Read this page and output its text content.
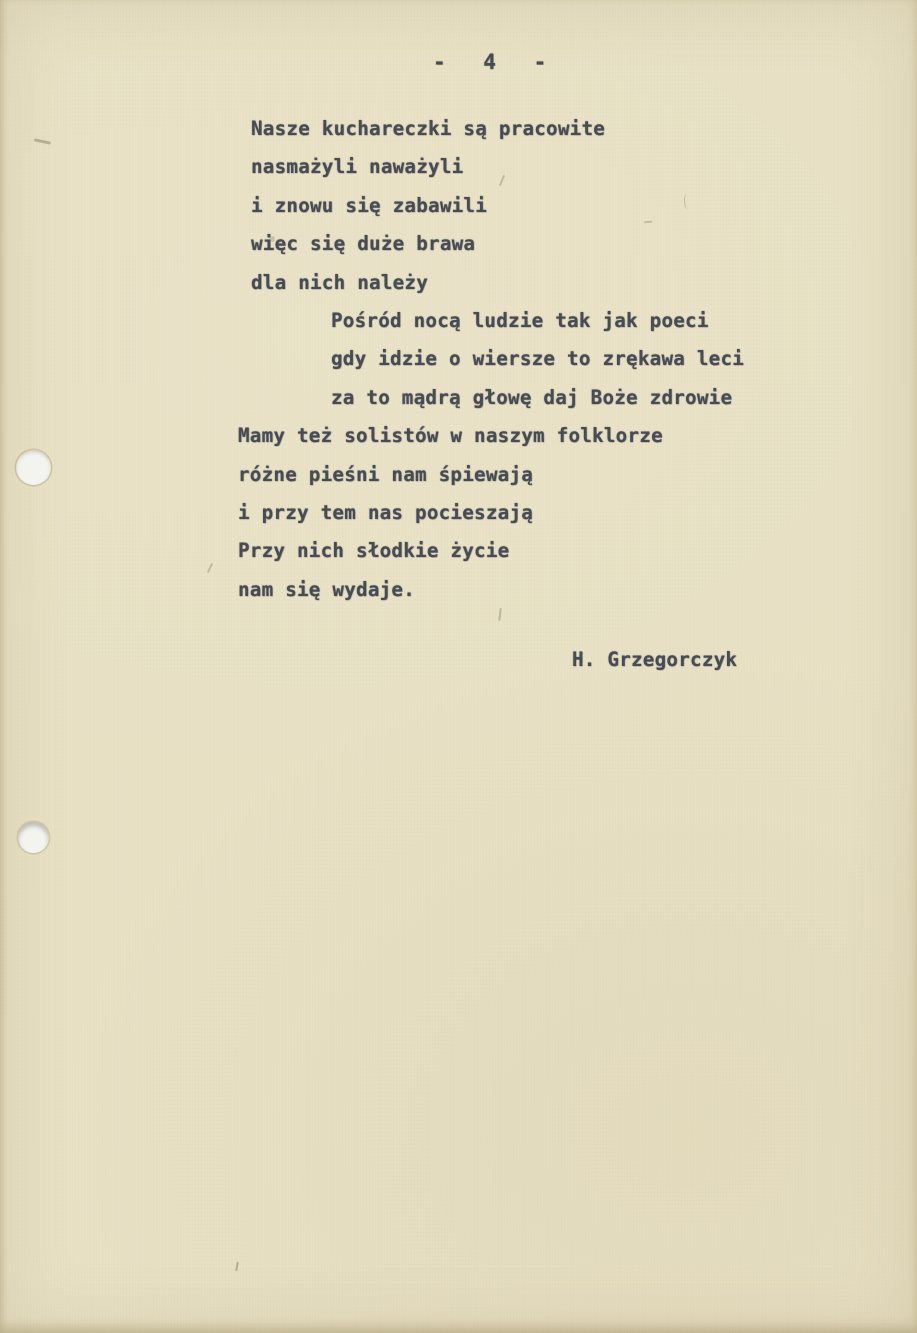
- 4 -
Nasze kuchareczki są pracowite
nasmażyli naważyli
i znowu się zabawili
więc się duże brawa
dla nich należy
Pośród nocą ludzie tak jak poeci
gdy idzie o wiersze to zrękawa leci
za to mądrą głowę daj Boże zdrowie
Mamy też solistów w naszym folklorze
różne pieśni nam śpiewają
i przy tem nas pocieszają
Przy nich słodkie życie
nam się wydaje.
H. Grzegorczyk
